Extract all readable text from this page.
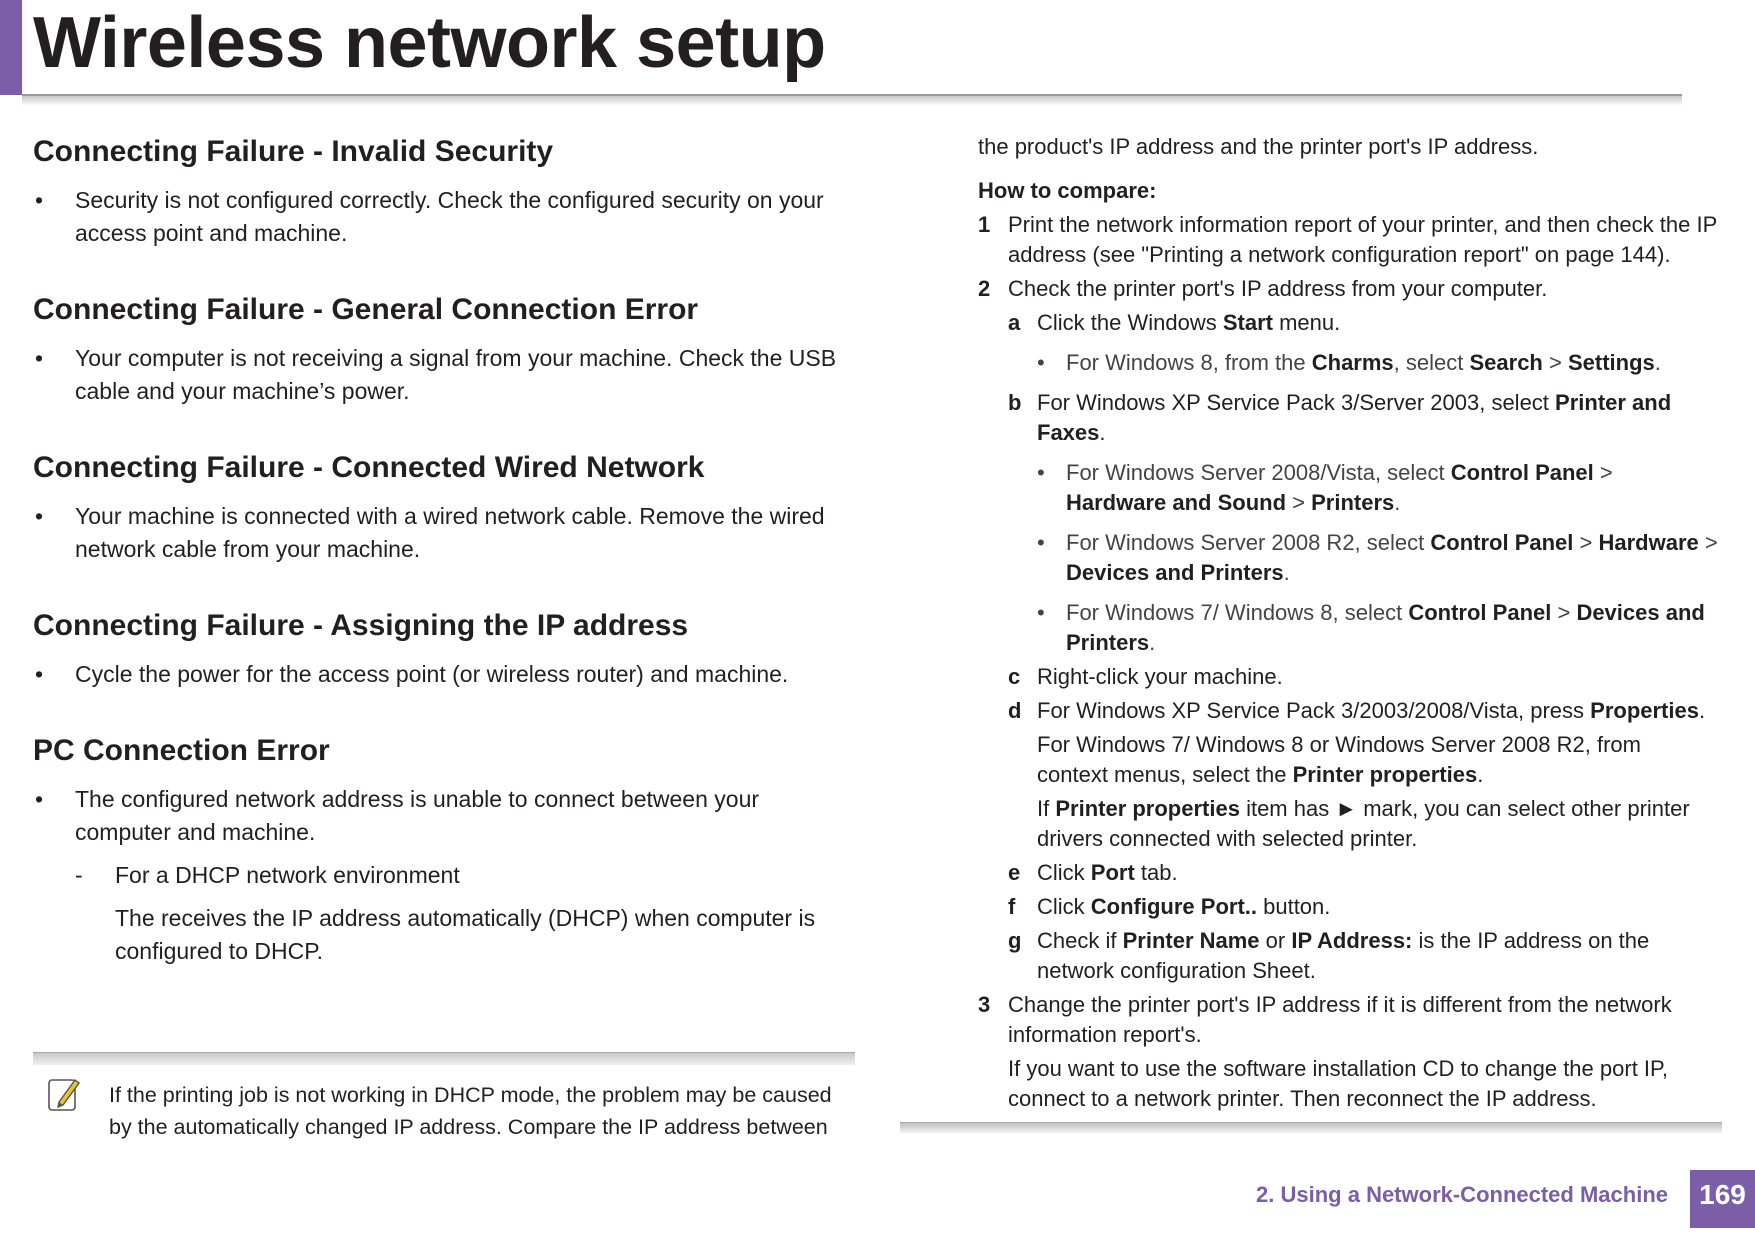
Wireless network setup
Connecting Failure - Invalid Security
• Security is not configured correctly. Check the configured security on your access point and machine.
Connecting Failure - General Connection Error
• Your computer is not receiving a signal from your machine. Check the USB cable and your machine’s power.
Connecting Failure - Connected Wired Network
• Your machine is connected with a wired network cable. Remove the wired network cable from your machine.
Connecting Failure - Assigning the IP address
• Cycle the power for the access point (or wireless router) and machine.
PC Connection Error
• The configured network address is unable to connect between your computer and machine.
- For a DHCP network environment
The receives the IP address automatically (DHCP) when computer is configured to DHCP.
If the printing job is not working in DHCP mode, the problem may be caused by the automatically changed IP address. Compare the IP address between

the product's IP address and the printer port's IP address.

How to compare:

1 Print the network information report of your printer, and then check the IP address (see "Printing a network configuration report" on page 144).
2 Check the printer port's IP address from your computer.
a Click the Windows Start menu.
• For Windows 8, from the Charms, select Search > Settings.
b For Windows XP Service Pack 3/Server 2003, select Printer and Faxes.
• For Windows Server 2008/Vista, select Control Panel > Hardware and Sound > Printers.
• For Windows Server 2008 R2, select Control Panel > Hardware > Devices and Printers.
• For Windows 7/ Windows 8, select Control Panel > Devices and Printers.
c Right-click your machine.
d For Windows XP Service Pack 3/2003/2008/Vista, press Properties.
For Windows 7/ Windows 8 or Windows Server 2008 R2, from context menus, select the Printer properties.
If Printer properties item has ► mark, you can select other printer drivers connected with selected printer.
e Click Port tab.
f Click Configure Port.. button.
g Check if Printer Name or IP Address: is the IP address on the network configuration Sheet.
3 Change the printer port's IP address if it is different from the network information report's.
If you want to use the software installation CD to change the port IP, connect to a network printer. Then reconnect the IP address.
2. Using a Network-Connected Machine	169
